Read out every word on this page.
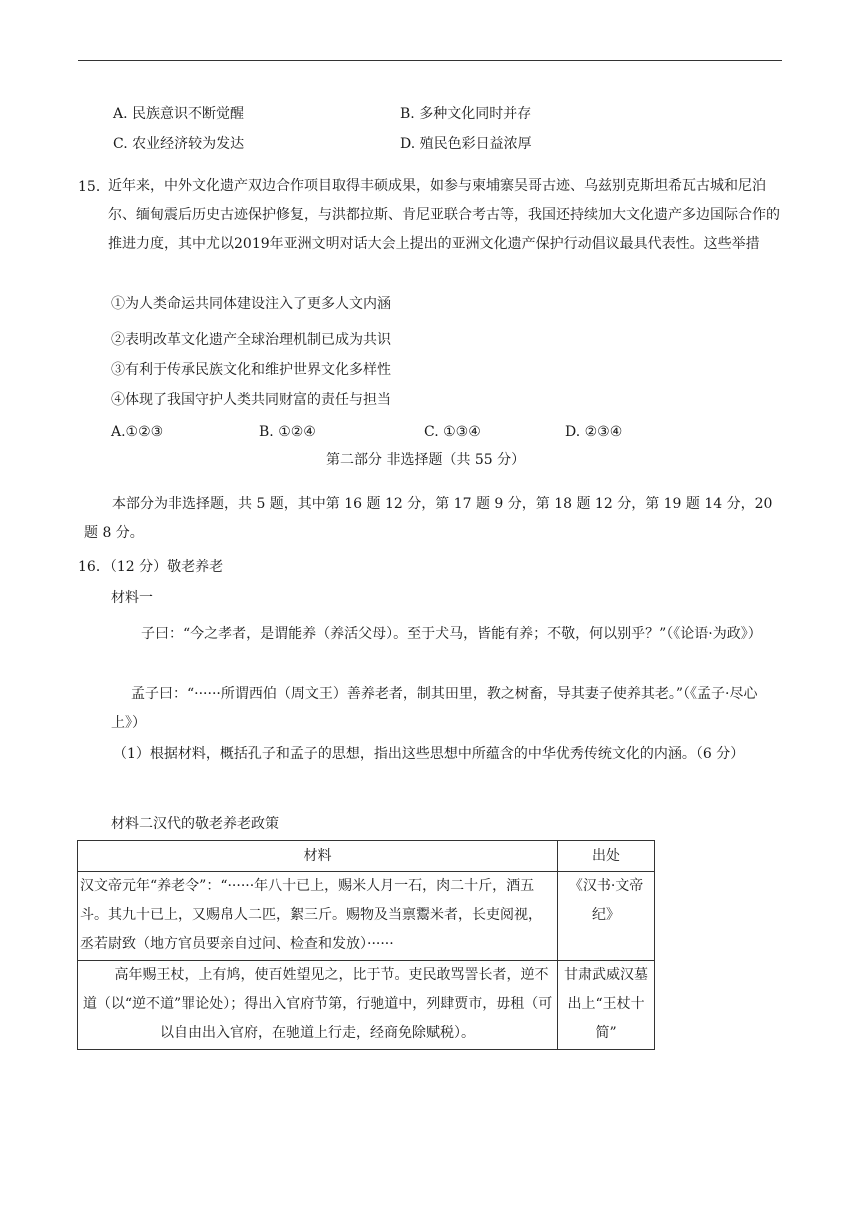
A. 民族意识不断觉醒	B. 多种文化同时并存
C. 农业经济较为发达	D. 殖民色彩日益浓厚
15．
近年来，中外文化遗产双边合作项目取得丰硕成果，如参与柬埔寨吴哥古迹、乌兹别克斯坦希瓦古城和尼泊尔、缅甸震后历史古迹保护修复，与洪都拉斯、肯尼亚联合考古等，我国还持续加大文化遗产多边国际合作的推进力度，其中尤以2019年亚洲文明对话大会上提出的亚洲文化遗产保护行动倡议最具代表性。这些举措
①为人类命运共同体建设注入了更多人文内涵
②表明改革文化遗产全球治理机制已成为共识
③有利于传承民族文化和维护世界文化多样性
④体现了我国守护人类共同财富的责任与担当
A.①②③	B. ①②④	C. ①③④	D. ②③④
第二部分 非选择题（共 55 分）
本部分为非选择题，共 5 题，其中第 16 题 12 分，第 17 题 9 分，第 18 题 12 分，第 19 题 14 分，20 题 8 分。
16．（12 分）敬老养老
材料一
子曰：“今之孝者，是谓能养（养活父母）。至于犬马，皆能有养；不敬，何以别乎？”（《论语·为政》）
孟子曰：“······所谓西伯（周文王）善养老者，制其田里，教之树畜，导其妻子使养其老。”（《孟子·尽心上》）
（1）根据材料，概括孔子和孟子的思想，指出这些思想中所蕴含的中华优秀传统文化的内涵。（6 分）
材料二汉代的敬老养老政策
材料	出处
汉文帝元年“养老令”：“······年八十已上，赐米人月一石，肉二十斤，酒五斗。其九十已上，又赐帛人二匹，絮三斤。赐物及当禀鬻米者，长吏阅视，丞若尉致（地方官员要亲自过问、检查和发放）······	《汉书·文帝纪》
高年赐王杖，上有鸠，使百姓望见之，比于节。吏民敢骂詈长者，逆不道（以“逆不道”罪论处）；得出入官府节第，行驰道中，列肆贾市，毋租（可以自由出入官府，在驰道上行走，经商免除赋税）。	甘肃武威汉墓出上“王杖十简”
